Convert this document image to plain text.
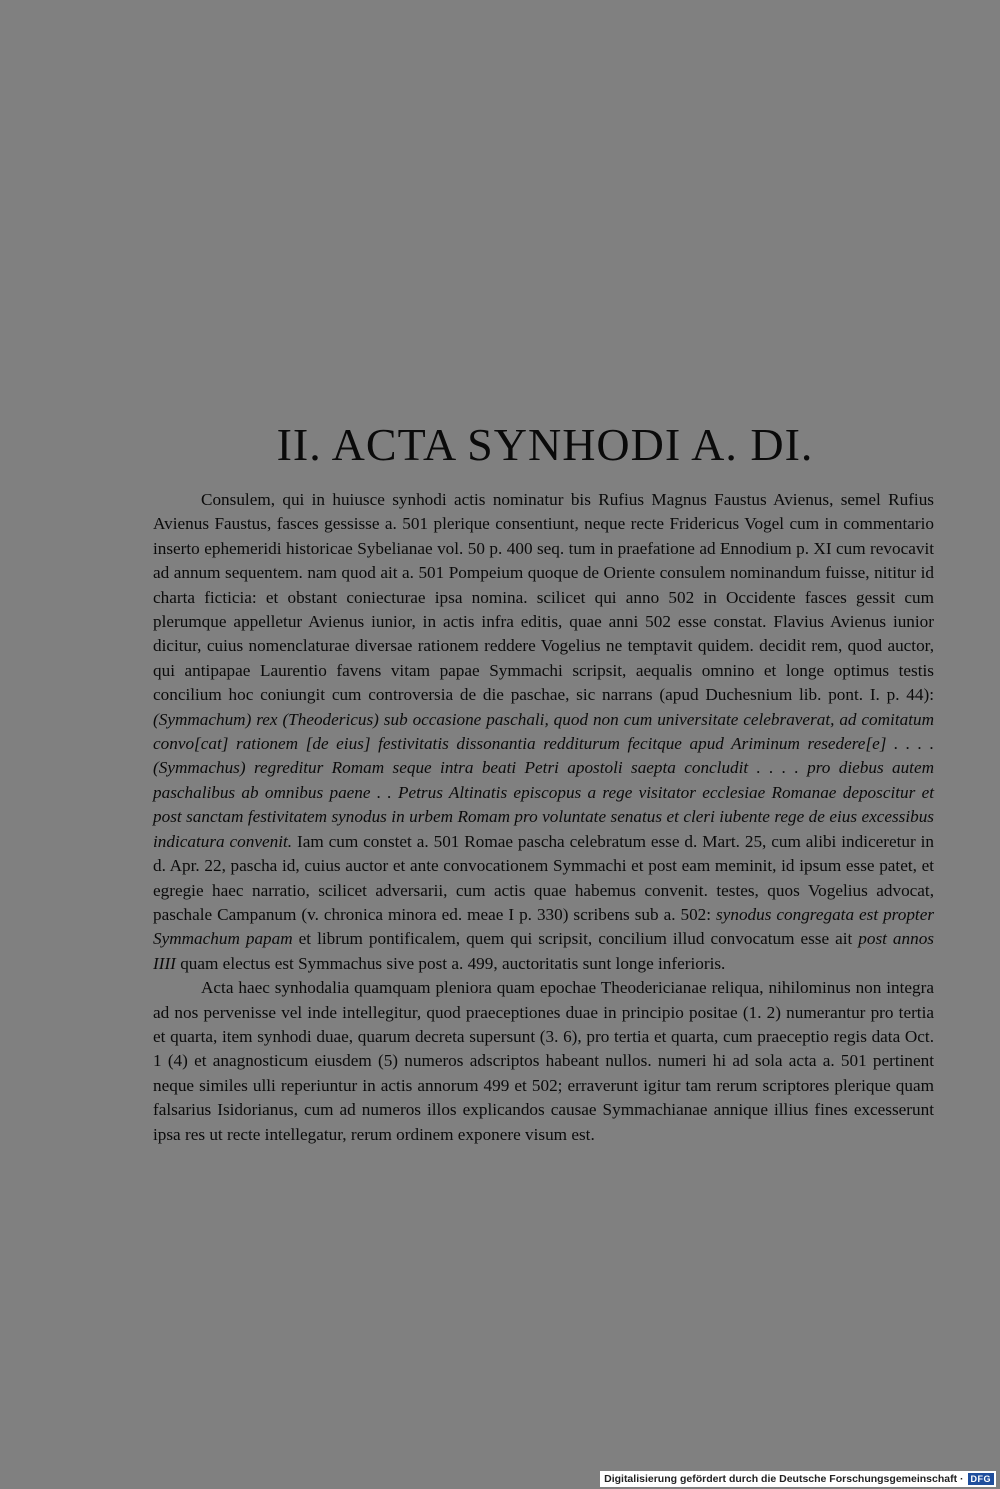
II. ACTA SYNHODI A. DI.

Consulem, qui in huiusce synhodi actis nominatur bis Rufius Magnus Faustus Avienus, semel Rufius Avienus Faustus, fasces gessisse a. 501 plerique consentiunt, neque recte Fridericus Vogel cum in commentario inserto ephemeridi historicae Sybelianae vol. 50 p. 400 seq. tum in praefatione ad Ennodium p. XI cum revocavit ad annum sequentem. nam quod ait a. 501 Pompeium quoque de Oriente consulem nominandum fuisse, nititur id charta ficticia: et obstant coniecturae ipsa nomina. scilicet qui anno 502 in Occidente fasces gessit cum plerumque appelletur Avienus iunior, in actis infra editis, quae anni 502 esse constat. Flavius Avienus iunior dicitur, cuius nomenclaturae diversae rationem reddere Vogelius ne temptavit quidem. decidit rem, quod auctor, qui antipapae Laurentio favens vitam papae Symmachi scripsit, aequalis omnino et longe optimus testis concilium hoc coniungit cum controversia de die paschae, sic narrans (apud Duchesnium lib. pont. I. p. 44): (Symmachum) rex (Theodericus) sub occasione paschali, quod non cum universitate celebraverat, ad comitatum convo[cat] rationem [de eius] festivitatis dissonantia redditurum fecitque apud Ariminum resedere[e] . . . . (Symmachus) regreditur Romam seque intra beati Petri apostoli saepta concludit . . . . pro diebus autem paschalibus ab omnibus paene . . Petrus Altinatis episcopus a rege visitator ecclesiae Romanae deposcitur et post sanctam festivitatem synodus in urbem Romam pro voluntate senatus et cleri iubente rege de eius excessibus indicatura convenit. Iam cum constet a. 501 Romae pascha celebratum esse d. Mart. 25, cum alibi indiceretur in d. Apr. 22, pascha id, cuius auctor et ante convocationem Symmachi et post eam meminit, id ipsum esse patet, et egregie haec narratio, scilicet adversarii, cum actis quae habemus convenit. testes, quos Vogelius advocat, paschale Campanum (v. chronica minora ed. meae I p. 330) scribens sub a. 502: synodus congregata est propter Symmachum papam et librum pontificalem, quem qui scripsit, concilium illud convocatum esse ait post annos IIII quam electus est Symmachus sive post a. 499, auctoritatis sunt longe inferioris.

Acta haec synhodalia quamquam pleniora quam epochae Theodericianae reliqua, nihilominus non integra ad nos pervenisse vel inde intellegitur, quod praeceptiones duae in principio positae (1. 2) numerantur pro tertia et quarta, item synhodi duae, quarum decreta supersunt (3. 6), pro tertia et quarta, cum praeceptio regis data Oct. 1 (4) et anagnosticum eiusdem (5) numeros adscriptos habeant nullos. numeri hi ad sola acta a. 501 pertinent neque similes ulli reperiuntur in actis annorum 499 et 502; erraverunt igitur tam rerum scriptores plerique quam falsarius Isidorianus, cum ad numeros illos explicandos causae Symmachianae annique illius fines excesserunt ipsa res ut recte intellegatur, rerum ordinem exponere visum est.

Digitalisierung gefördert durch die Deutsche Forschungsgemeinschaft · DFG
